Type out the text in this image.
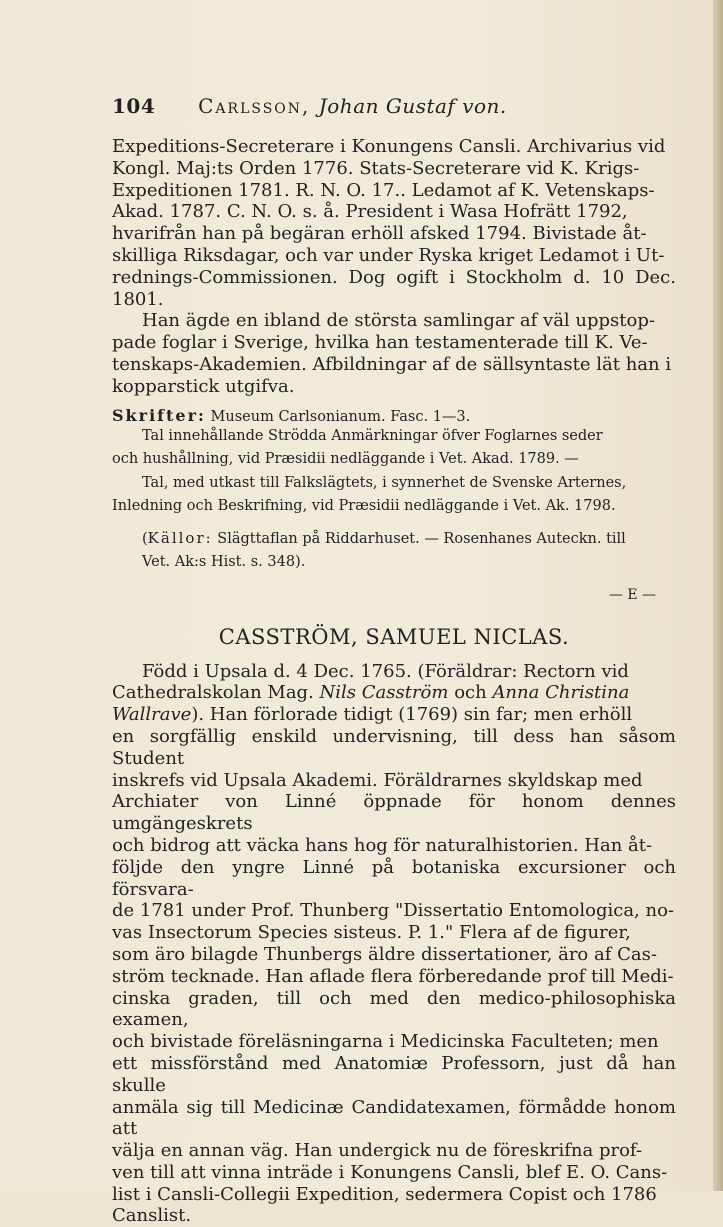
104 Carlsson, Johan Gustaf von.

Expeditions-Secreterare i Konungens Cansli. Archivarius vid

Kongl. Maj:ts Orden 1776. Stats-Secreterare vid K. Krigs-

Expeditionen 1781. R. N. O. 17.. Ledamot af K. Vetenskaps-

Akad. 1787. C. N. O. s. å. President i Wasa Hofrätt 1792,

hvarifrån han på begäran erhöll afsked 1794. Bivistade åt-

skilliga Riksdagar, och var under Ryska kriget Ledamot i Ut-

rednings-Commissionen. Dog ogift i Stockholm d. 10 Dec. 1801.

Han ägde en ibland de största samlingar af väl uppstop-

pade foglar i Sverige, hvilka han testamenterade till K. Ve-

tenskaps-Akademien. Afbildningar af de sällsyntaste lät han i

kopparstick utgifva.

Skrifter: Museum Carlsonianum. Fasc. 1—3.

Tal innehållande Strödda Anmärkningar öfver Foglarnes seder

och hushållning, vid Præsidii nedläggande i Vet. Akad. 1789. —

Tal, med utkast till Falkslägtets, i synnerhet de Svenske Arternes,

Inledning och Beskrifning, vid Præsidii nedläggande i Vet. Ak. 1798.

(Källor: Slägttaflan på Riddarhuset. — Rosenhanes Auteckn. till

Vet. Ak:s Hist. s. 348).

— E —

CASSTRÖM, SAMUEL NICLAS.

Född i Upsala d. 4 Dec. 1765. (Föräldrar: Rectorn vid

Cathedralskolan Mag. Nils Casström och Anna Christina

Wallrave). Han förlorade tidigt (1769) sin far; men erhöll

en sorgfällig enskild undervisning, till dess han såsom Student

inskrefs vid Upsala Akademi. Föräldrarnes skyldskap med

Archiater von Linné öppnade för honom dennes umgängeskrets

och bidrog att väcka hans hog för naturalhistorien. Han åt-

följde den yngre Linné på botaniska excursioner och försvara-

de 1781 under Prof. Thunberg "Dissertatio Entomologica, no-

vas Insectorum Species sisteus. P. 1." Flera af de figurer,

som äro bilagde Thunbergs äldre dissertationer, äro af Cas-

ström tecknade. Han aflade flera förberedande prof till Medi-

cinska graden, till och med den medico-philosophiska examen,

och bivistade föreläsningarna i Medicinska Faculteten; men

ett missförstånd med Anatomiæ Professorn, just då han skulle

anmäla sig till Medicinæ Candidatexamen, förmådde honom att

välja en annan väg. Han undergick nu de föreskrifna prof-

ven till att vinna inträde i Konungens Cansli, blef E. O. Cans-

list i Cansli-Collegii Expedition, sedermera Copist och 1786

Canslist.
